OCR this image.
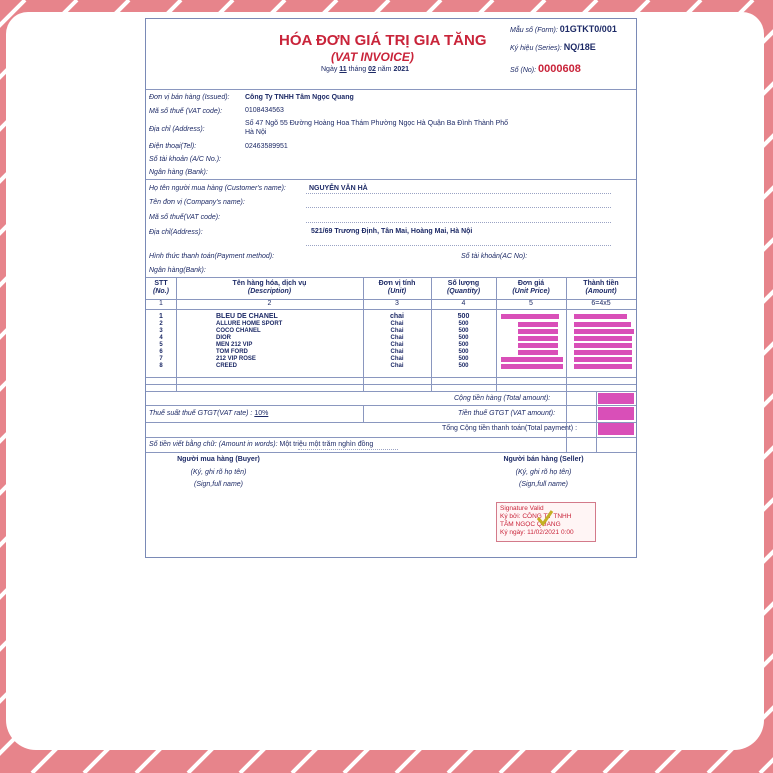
HÓA ĐƠN GIÁ TRỊ GIA TĂNG
(VAT INVOICE)
Ngày 11 tháng 02 năm 2021
Mẫu số (Form): 01GTKT0/001
Ký hiệu (Series): NQ/18E
Số (No): 0000608
Đơn vị bán hàng (Issued): Công Ty TNHH Tâm Ngọc Quang
Mã số thuế (VAT code):	0108434563
Địa chỉ (Address):
Số 47 Ngõ 55 Đường Hoàng Hoa Thám Phường Ngọc Hà Quận Ba Đình Thành Phố
Hà Nội
Điện thoại(Tel):	02463589951
Số tài khoản (A/C No.):
Ngân hàng (Bank):
Họ tên người mua hàng (Customer's name):	NGUYỄN VĂN HÀ
Tên đơn vị (Company's name):
Mã số thuế(VAT code):
Địa chỉ(Address):	521/69 Trương Định, Tân Mai, Hoàng Mai, Hà Nội
Hình thức thanh toán(Payment method):	Số tài khoản(AC No):
Ngân hàng(Bank):
STT
(No.)
Tên hàng hóa, dịch vụ
(Description)
Đơn vị tính
(Unit)
Số lượng
(Quantity)
Đơn giá
(Unit Price)
Thành tiền
(Amount)
1	2	3	4	5	6=4x5
1	BLEU DE CHANEL	chai	500
2	ALLURE HOME SPORT	Chai	500
3	COCO CHANEL	Chai	500
4	DIOR	Chai	500
5	MEN 212 VIP	Chai	500
6	TOM FORD	Chai	500
7	212 VIP ROSE	Chai	500
8	CREED	Chai	500
Cộng tiền hàng (Total amount):
Thuế suất thuế GTGT(VAT rate) : 10%	Tiền thuế GTGT (VAT amount):
Tổng Cộng tiền thanh toán(Total payment) :
Số tiền viết bằng chữ: (Amount in words): Một triệu một trăm nghìn đồng
Người mua hàng (Buyer)
(Ký, ghi rõ họ tên)
(Sign,full name)
Người bán hàng (Seller)
(Ký, ghi rõ họ tên)
(Sign,full name)
Signature Valid
Ký bởi: CÔNG TY TNHH
TÂM NGỌC QUANG
Ký ngày: 11/02/2021 0:00
